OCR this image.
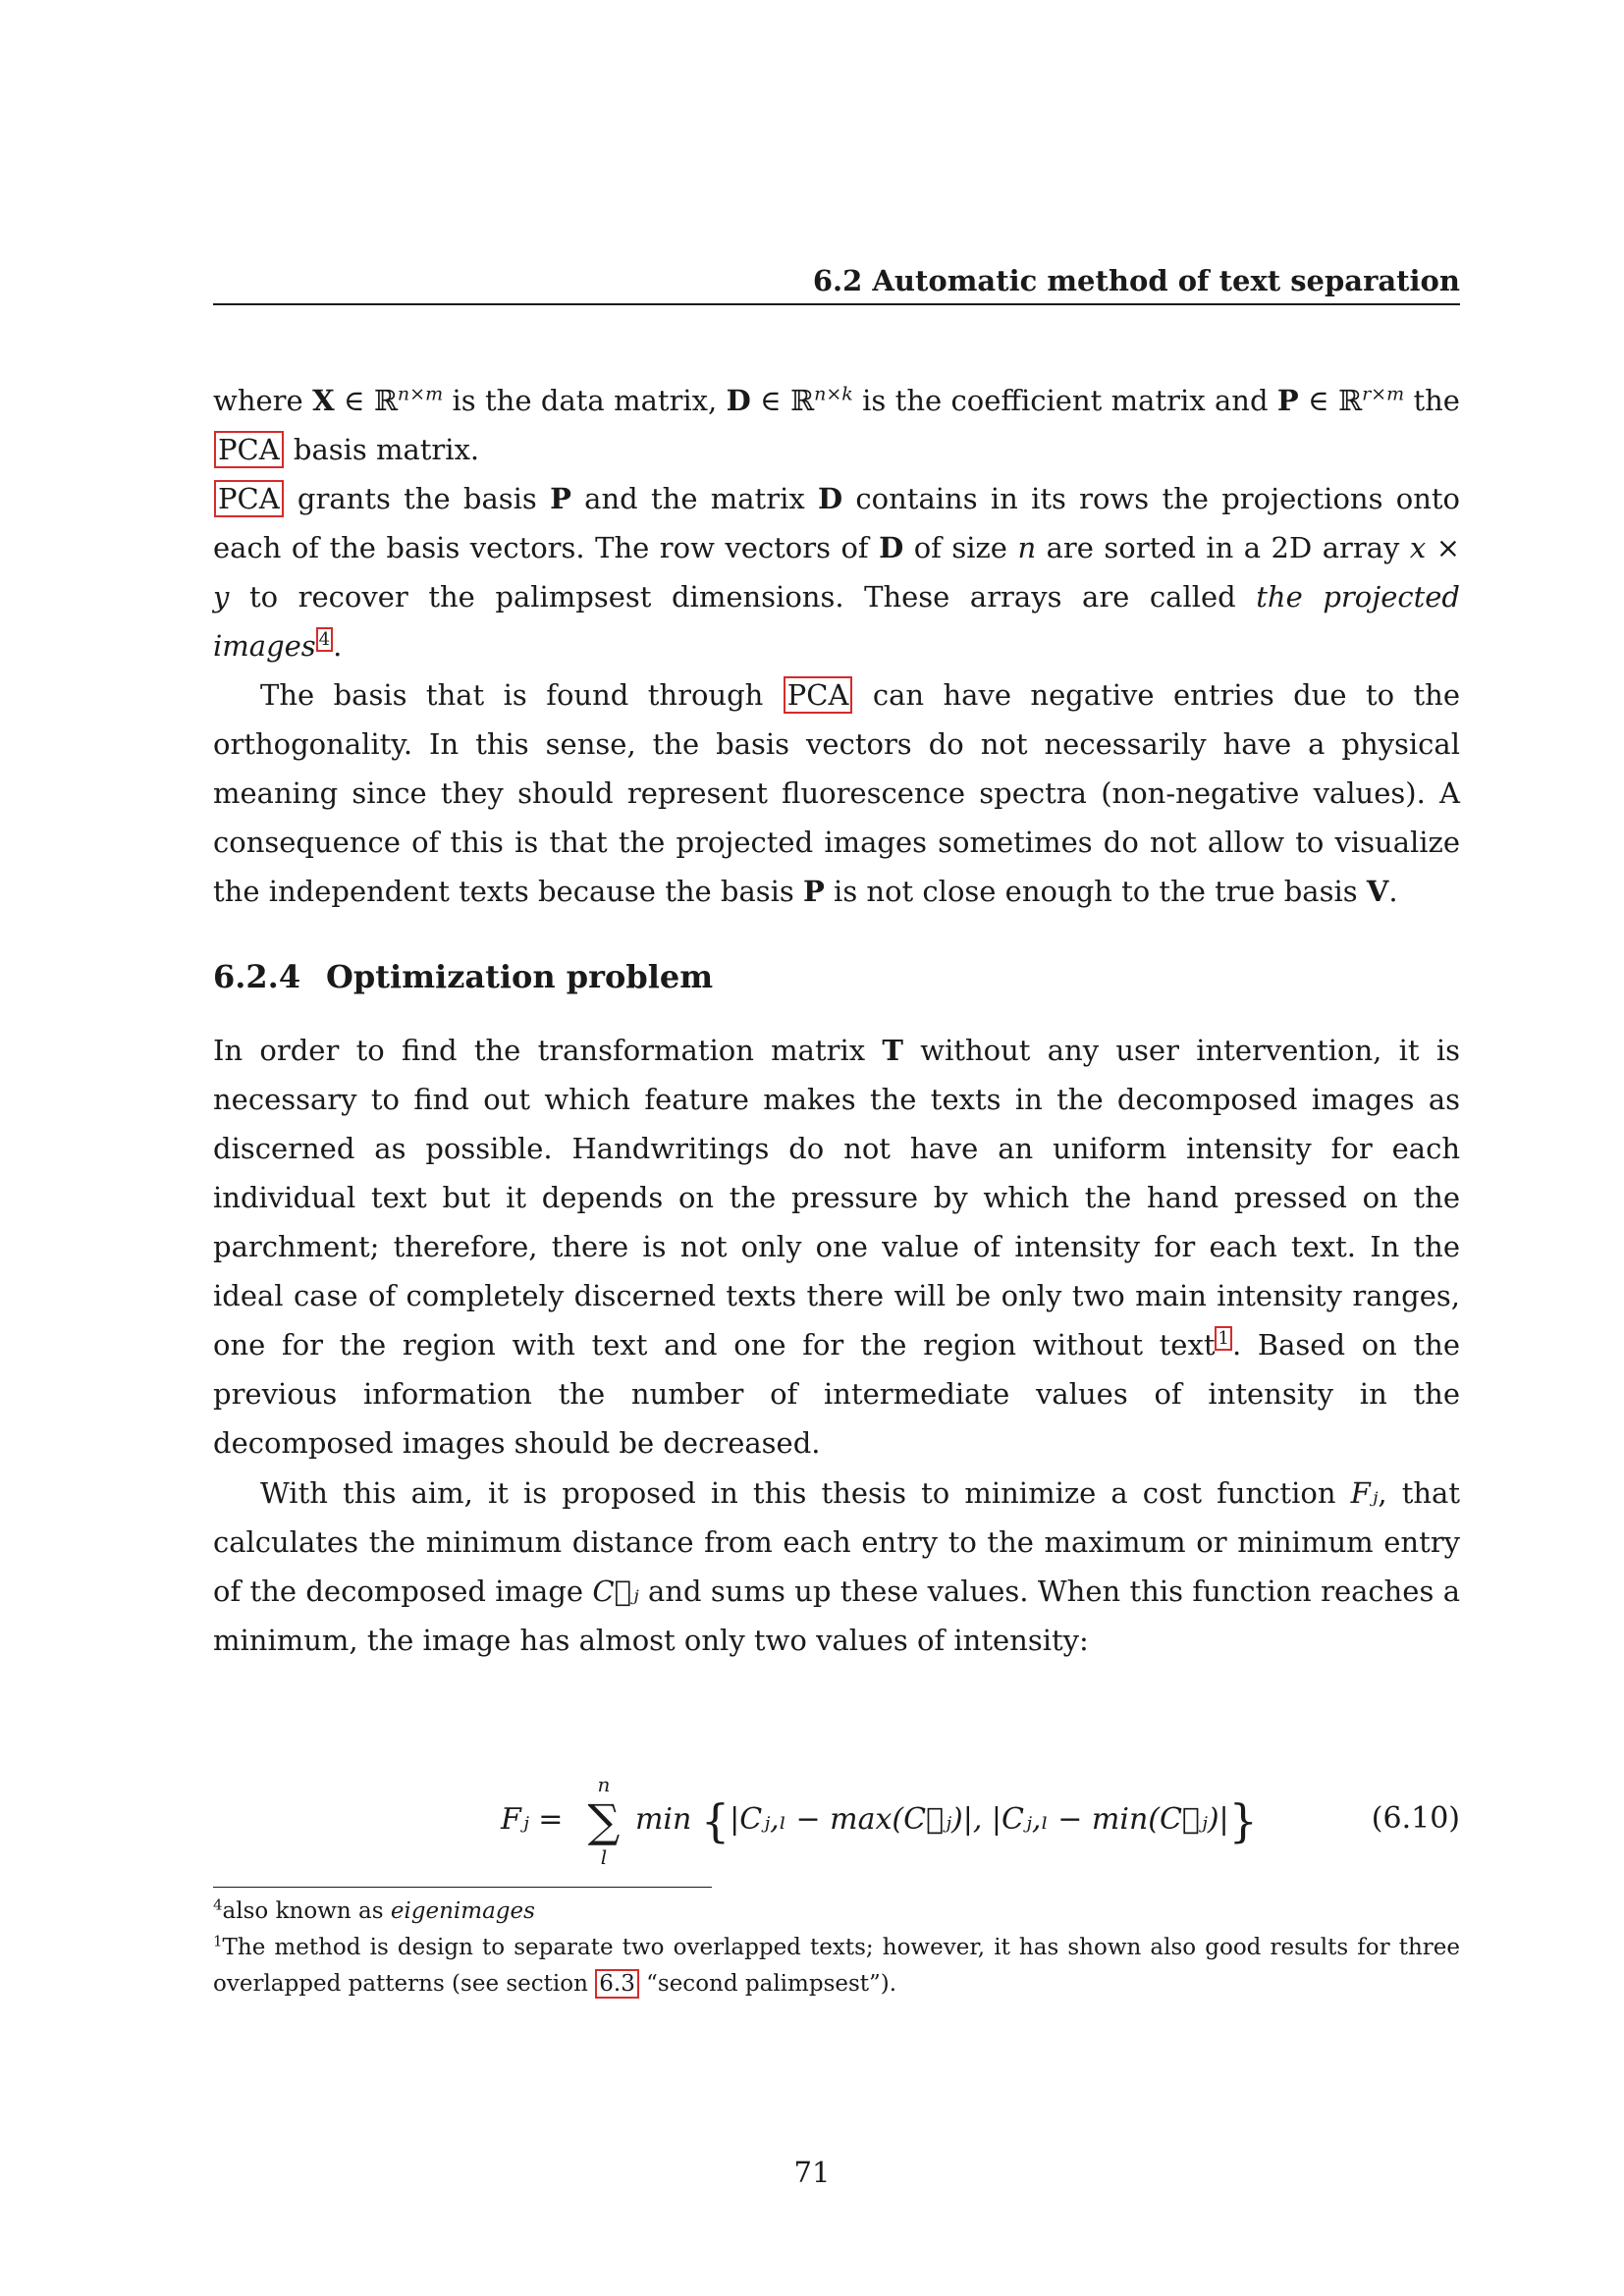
6.2 Automatic method of text separation

where X ∈ ℝ$^{n\times m}$ is the data matrix, D ∈ ℝ$^{n\times k}$ is the coefficient matrix and P ∈ ℝ$^{r\times m}$ the PCA basis matrix.

PCA grants the basis P and the matrix D contains in its rows the projections onto each of the basis vectors. The row vectors of D of size n are sorted in a 2D array x × y to recover the palimpsest dimensions. These arrays are called the projected images $^4$ .

The basis that is found through PCA can have negative entries due to the orthogonality. In this sense, the basis vectors do not necessarily have a physical meaning since they should represent fluorescence spectra (non-negative values). A consequence of this is that the projected images sometimes do not allow to visualize the independent texts because the basis P is not close enough to the true basis V.

6.2.4 Optimization problem

In order to find the transformation matrix T without any user intervention, it is necessary to find out which feature makes the texts in the decomposed images as discerned as possible. Handwritings do not have an uniform intensity for each individual text but it depends on the pressure by which the hand pressed on the parchment; therefore, there is not only one value of intensity for each text. In the ideal case of completely discerned texts there will be only two main intensity ranges, one for the region with text and one for the region without text $^1$ . Based on the previous information the number of intermediate values of intensity in the decomposed images should be decreased.

With this aim, it is proposed in this thesis to minimize a cost function Fⱼ, that calculates the minimum distance from each entry to the maximum or minimum entry of the decomposed image C⃗ⱼ and sums up these values. When this function reaches a minimum, the image has almost only two values of intensity:

Fⱼ =
n
∑
l
min {|Cⱼ,ₗ − max(C⃗ⱼ)|, |Cⱼ,ₗ − min(C⃗ⱼ)|}	(6.10)

$^4$also known as eigenimages

$^1$The method is design to separate two overlapped texts; however, it has shown also good results for three overlapped patterns (see section 6.3 “second palimpsest”).

71
